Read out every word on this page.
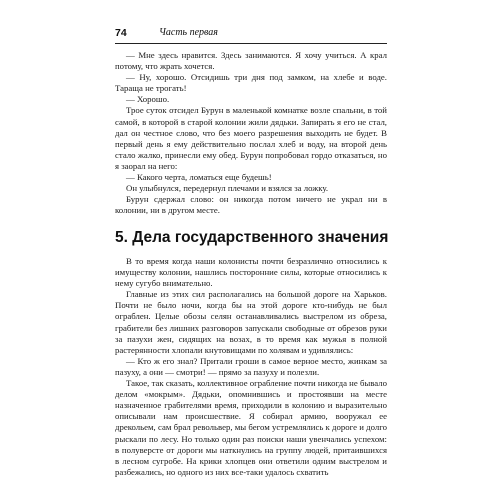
74	Часть первая

— Мне здесь нравится. Здесь занимаются. Я хочу учиться. А крал потому, что жрать хочется.

— Ну, хорошо. Отсидишь три дня под замком, на хлебе и воде. Тараща не трогать!

— Хорошо.

Трое суток отсидел Бурун в маленькой комнатке возле спальни, в той самой, в которой в старой колонии жили дядьки. Запирать я его не стал, дал он честное слово, что без моего разрешения выходить не будет. В первый день я ему действительно послал хлеб и воду, на второй день стало жалко, принесли ему обед. Бурун попробовал гордо отказаться, но я заорал на него:

— Какого черта, ломаться еще будешь!

Он улыбнулся, передернул плечами и взялся за ложку.

Бурун сдержал слово: он никогда потом ничего не украл ни в колонии, ни в другом месте.

5. Дела государственного значения

В то время когда наши колонисты почти безразлично относились к имуществу колонии, нашлись посторонние силы, которые относились к нему сугубо внимательно.

Главные из этих сил располагались на большой дороге на Харьков. Почти не было ночи, когда бы на этой дороге кто-нибудь не был ограблен. Целые обозы селян останавливались выстрелом из обреза, грабители без лишних разговоров запускали свободные от обрезов руки за пазухи жен, сидящих на возах, в то время как мужья в полной растерянности хлопали кнутовищами по холявам и удивлялись:

— Кто ж его знал? Притали гроши в самое верное место, жинкам за пазуху, а они — смотри! — прямо за пазуху и полезли.

Такое, так сказать, коллективное ограбление почти никогда не бывало делом «мокрым». Дядьки, опомнившись и простоявши на месте назначенное грабителями время, приходили в колонию и выразительно описывали нам происшествие. Я собирал армию, вооружал ее дрекольем, сам брал револьвер, мы бегом устремлялись к дороге и долго рыскали по лесу. Но только один раз поиски наши увенчались успехом: в полуверсте от дороги мы наткнулись на группу людей, притаившихся в лесном сугробе. На крики хлопцев они ответили одним выстрелом и разбежались, но одного из них все-таки удалось схватить
